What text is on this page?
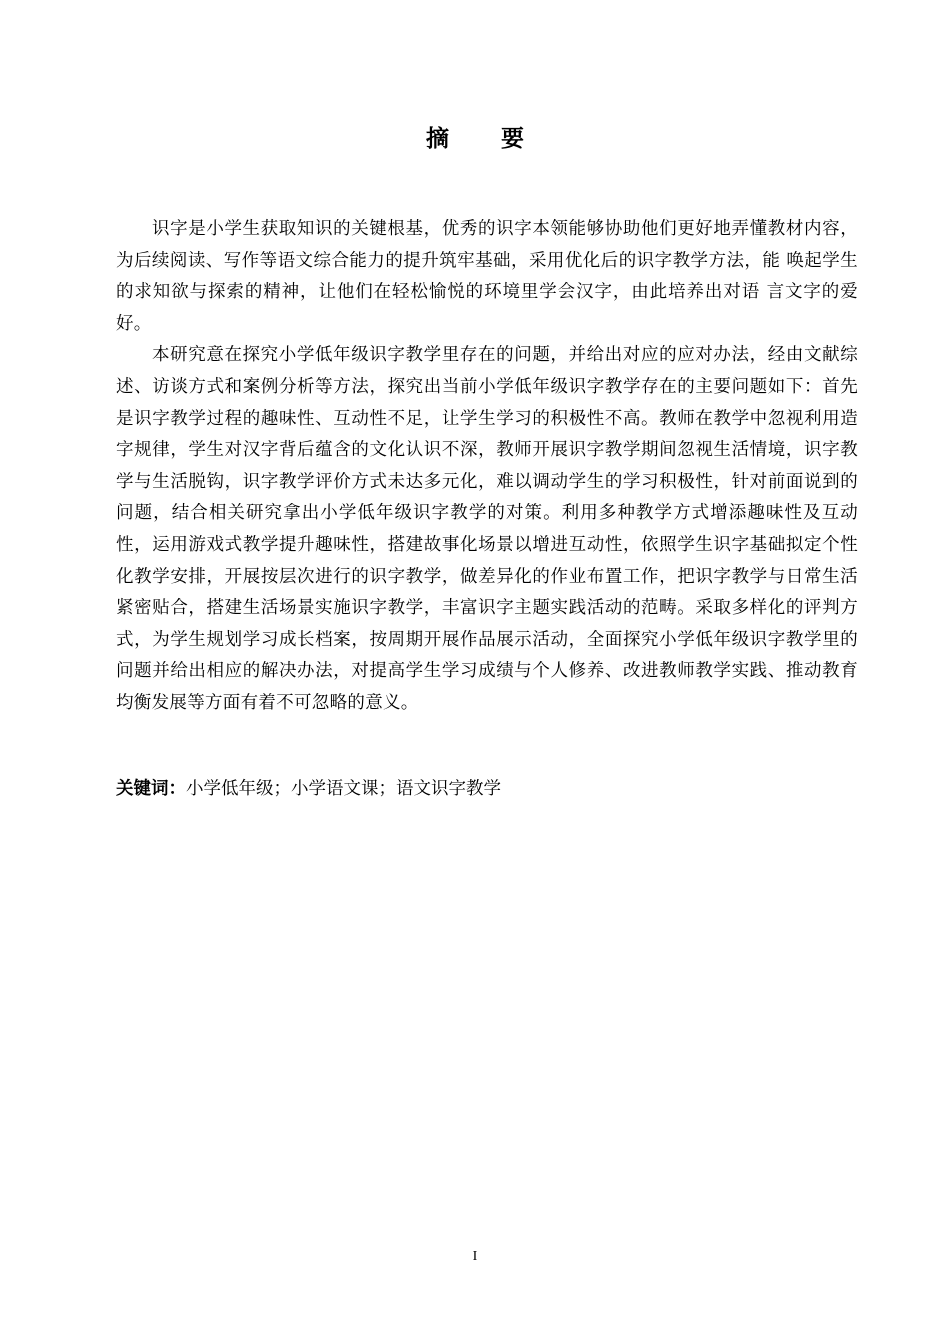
摘 要

识字是小学生获取知识的关键根基，优秀的识字本领能够协助他们更好地弄懂教材内容，为后续阅读、写作等语文综合能力的提升筑牢基础，采用优化后的识字教学方法，能 唤起学生的求知欲与探索的精神，让他们在轻松愉悦的环境里学会汉字，由此培养出对语 言文字的爱好。

本研究意在探究小学低年级识字教学里存在的问题，并给出对应的应对办法，经由文献综述、访谈方式和案例分析等方法，探究出当前小学低年级识字教学存在的主要问题如下：首先是识字教学过程的趣味性、互动性不足，让学生学习的积极性不高。教师在教学中忽视利用造字规律，学生对汉字背后蕴含的文化认识不深，教师开展识字教学期间忽视生活情境，识字教学与生活脱钩，识字教学评价方式未达多元化，难以调动学生的学习积极性，针对前面说到的问题，结合相关研究拿出小学低年级识字教学的对策。利用多种教学方式增添趣味性及互动性，运用游戏式教学提升趣味性，搭建故事化场景以增进互动性，依照学生识字基础拟定个性化教学安排，开展按层次进行的识字教学，做差异化的作业布置工作，把识字教学与日常生活紧密贴合，搭建生活场景实施识字教学，丰富识字主题实践活动的范畴。采取多样化的评判方式，为学生规划学习成长档案，按周期开展作品展示活动，全面探究小学低年级识字教学里的问题并给出相应的解决办法，对提高学生学习成绩与个人修养、改进教师教学实践、推动教育均衡发展等方面有着不可忽略的意义。

关键词：小学低年级；小学语文课；语文识字教学
I
